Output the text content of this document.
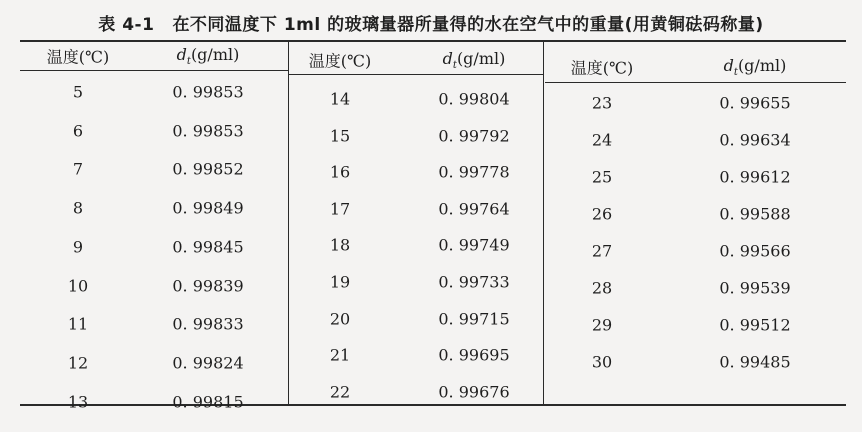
表 4-1 在不同温度下 1ml 的玻璃量器所量得的水在空气中的重量(用黄铜砝码称量)
温度(℃)	$d_t(g/ml)$
5	0. 99853
6	0. 99853
7	0. 99852
8	0. 99849
9	0. 99845
10	0. 99839
11	0. 99833
12	0. 99824
13	0. 99815
温度(℃)	$d_t(g/ml)$
14	0. 99804
15	0. 99792
16	0. 99778
17	0. 99764
18	0. 99749
19	0. 99733
20	0. 99715
21	0. 99695
22	0. 99676
温度(℃)	$d_t(g/ml)$
23	0. 99655
24	0. 99634
25	0. 99612
26	0. 99588
27	0. 99566
28	0. 99539
29	0. 99512
30	0. 99485
